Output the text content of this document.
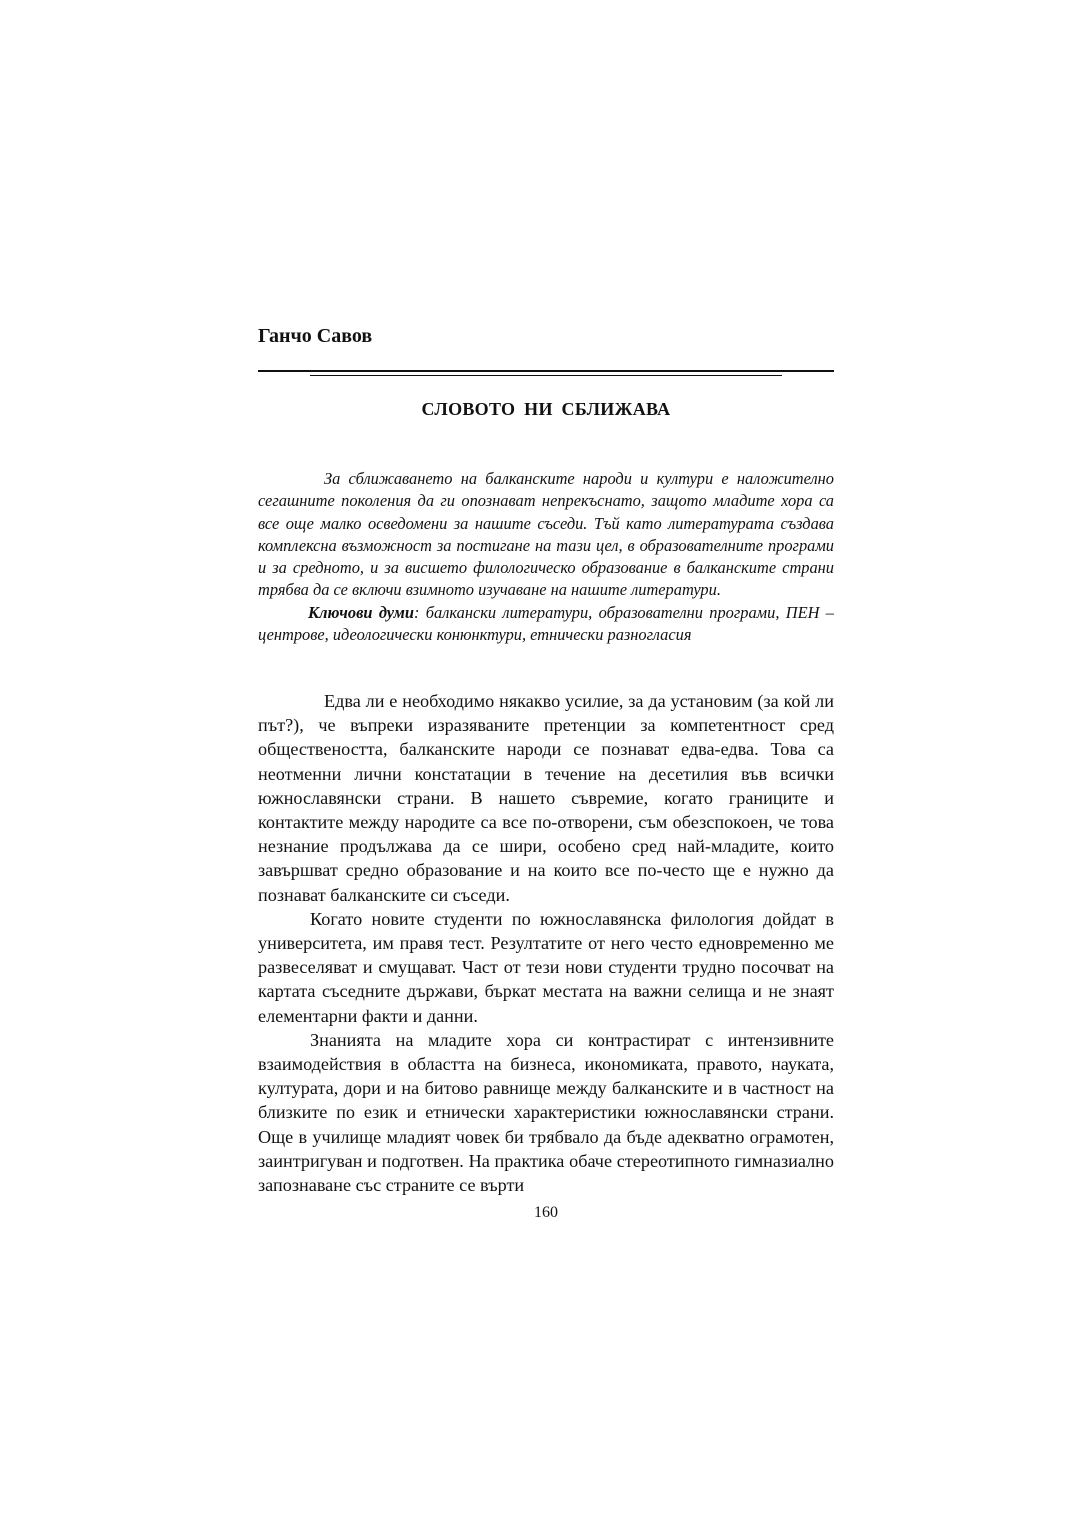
Ганчо Савов
СЛОВОТО НИ СБЛИЖАВА

За сближаването на балканските народи и култури е наложително сегашните поколения да ги опознават непрекъснато, защото младите хора са все още малко осведомени за нашите съседи. Тъй като литературата създава комплексна възможност за постигане на тази цел, в образователните програми и за средното, и за висшето филологическо образование в балканските страни трябва да се включи взимното изучаване на нашите литератури.

Ключови думи: балкански литератури, образователни програми, ПЕН – центрове, идеологически конюнктури, етнически разногласия

Едва ли е необходимо някакво усилие, за да установим (за кой ли път?), че въпреки изразяваните претенции за компетентност сред обществеността, балканските народи се познават едва-едва. Това са неотменни лични констатации в течение на десетилия във всички южнославянски страни. В нашето съвремие, когато границите и контактите между народите са все по-отворени, съм обезспокоен, че това незнание продължава да се шири, особено сред най-младите, които завършват средно образование и на които все по-често ще е нужно да познават балканските си съседи.

Когато новите студенти по южнославянска филология дойдат в университета, им правя тест. Резултатите от него често едновременно ме развеселяват и смущават. Част от тези нови студенти трудно посочват на картата съседните държави, бъркат местата на важни селища и не знаят елементарни факти и данни.

Знанията на младите хора си контрастират с интензивните взаимодействия в областта на бизнеса, икономиката, правото, науката, културата, дори и на битово равнище между балканските и в частност на близките по език и етнически характеристики южнославянски страни. Още в училище младият човек би трябвало да бъде адекватно ограмотен, заинтригуван и подготвен. На практика обаче стереотипното гимназиално запознаване със страните се върти

160
